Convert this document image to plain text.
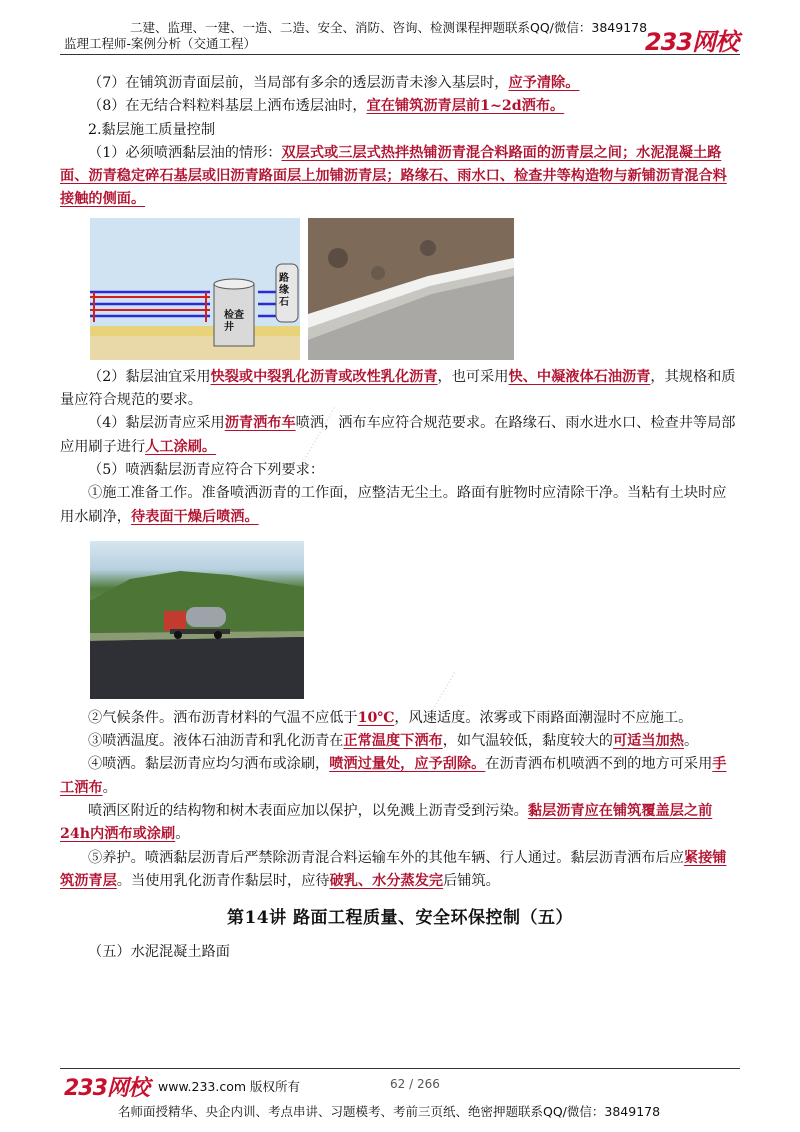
二建、监理、一建、一造、二造、安全、消防、咨询、检测课程押题联系QQ/微信：3849178
监理工程师-案例分析（交通工程）	233网校
·················
·················

（7）在铺筑沥青面层前，当局部有多余的透层沥青未渗入基层时，应予清除。

（8）在无结合料粒料基层上洒布透层油时，宜在铺筑沥青层前1~2d洒布。

2.黏层施工质量控制

（1）必须喷洒黏层油的情形：双层式或三层式热拌热铺沥青混合料路面的沥青层之间；水泥混凝土路面、沥青稳定碎石基层或旧沥青路面层上加铺沥青层；路缘石、雨水口、检查井等构造物与新铺沥青混合料接触的侧面。

路缘石
检查井

（2）黏层油宜采用快裂或中裂乳化沥青或改性乳化沥青，也可采用快、中凝液体石油沥青，其规格和质量应符合规范的要求。

（4）黏层沥青应采用沥青洒布车喷洒，洒布车应符合规范要求。在路缘石、雨水进水口、检查井等局部应用刷子进行人工涂刷。

（5）喷洒黏层沥青应符合下列要求：

①施工准备工作。准备喷洒沥青的工作面，应整洁无尘土。路面有脏物时应清除干净。当粘有土块时应用水刷净，待表面干燥后喷洒。

②气候条件。洒布沥青材料的气温不应低于10℃，风速适度。浓雾或下雨路面潮湿时不应施工。

③喷洒温度。液体石油沥青和乳化沥青在正常温度下洒布，如气温较低，黏度较大的可适当加热。

④喷洒。黏层沥青应均匀洒布或涂刷，喷洒过量处，应予刮除。在沥青洒布机喷洒不到的地方可采用手工洒布。

喷洒区附近的结构物和树木表面应加以保护，以免溅上沥青受到污染。黏层沥青应在铺筑覆盖层之前24h内洒布或涂刷。

⑤养护。喷洒黏层沥青后严禁除沥青混合料运输车外的其他车辆、行人通过。黏层沥青洒布后应紧接铺筑沥青层。当使用乳化沥青作黏层时，应待破乳、水分蒸发完后铺筑。

第14讲 路面工程质量、安全环保控制（五）

（五）水泥混凝土路面

233网校 www.233.com 版权所有	62 / 266
名师面授精华、央企内训、考点串讲、习题模考、考前三页纸、绝密押题联系QQ/微信：3849178
